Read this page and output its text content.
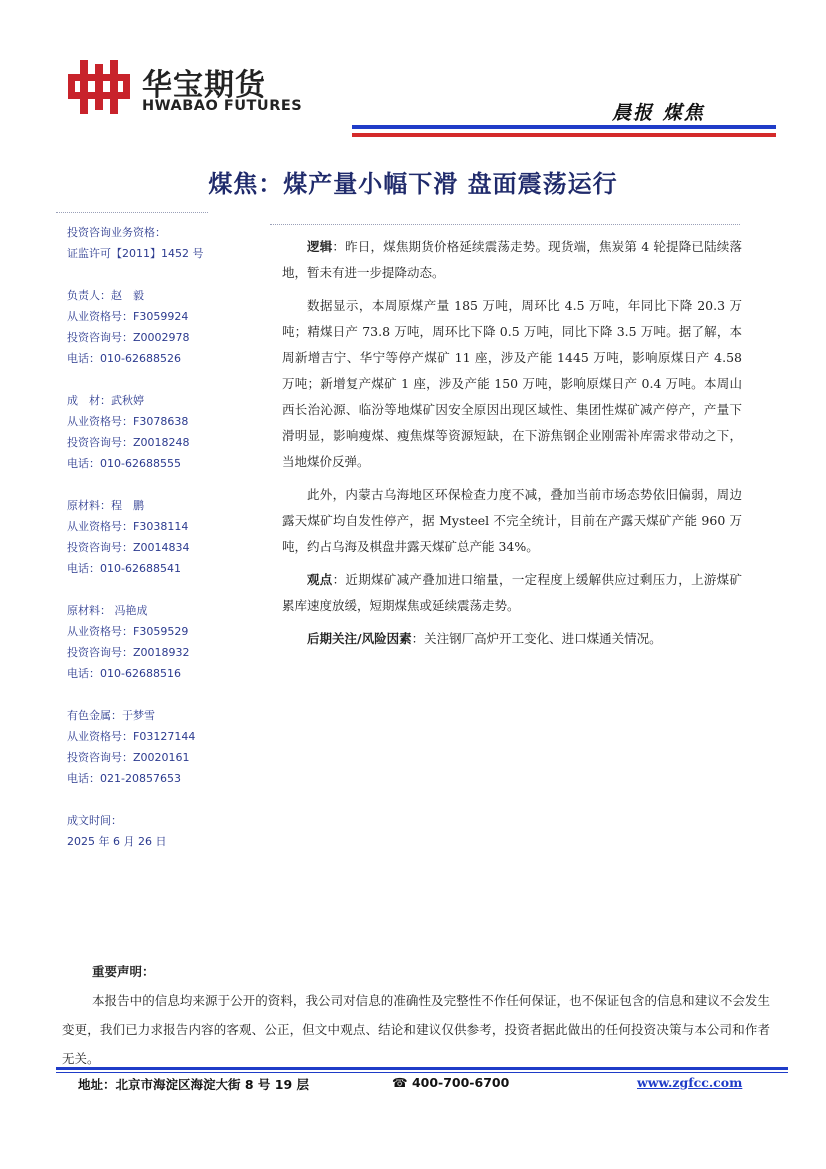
华宝期货
HWABAO FUTURES	晨报 煤焦
煤焦：煤产量小幅下滑 盘面震荡运行
投资咨询业务资格：
证监许可【2011】1452 号
负责人：赵　毅
从业资格号：F3059924
投资咨询号：Z0002978
电话：010-62688526
成　材：武秋婷
从业资格号：F3078638
投资咨询号：Z0018248
电话：010-62688555
原材料：程　鹏
从业资格号：F3038114
投资咨询号：Z0014834
电话：010-62688541
原材料： 冯艳成
从业资格号：F3059529
投资咨询号：Z0018932
电话：010-62688516
有色金属：于梦雪
从业资格号：F03127144
投资咨询号：Z0020161
电话：021-20857653
成文时间：
2025 年 6 月 26 日

逻辑：昨日，煤焦期货价格延续震荡走势。现货端，焦炭第 4 轮提降已陆续落地，暂未有进一步提降动态。

数据显示，本周原煤产量 185 万吨，周环比 4.5 万吨，年同比下降 20.3 万吨；精煤日产 73.8 万吨，周环比下降 0.5 万吨，同比下降 3.5 万吨。据了解，本周新增吉宁、华宁等停产煤矿 11 座，涉及产能 1445 万吨，影响原煤日产 4.58 万吨；新增复产煤矿 1 座，涉及产能 150 万吨，影响原煤日产 0.4 万吨。本周山西长治沁源、临汾等地煤矿因安全原因出现区域性、集团性煤矿减产停产，产量下滑明显，影响瘦煤、瘦焦煤等资源短缺，在下游焦钢企业刚需补库需求带动之下，当地煤价反弹。

此外，内蒙古乌海地区环保检查力度不减，叠加当前市场态势依旧偏弱，周边露天煤矿均自发性停产，据 Mysteel 不完全统计，目前在产露天煤矿产能 960 万吨，约占乌海及棋盘井露天煤矿总产能 34%。

观点：近期煤矿减产叠加进口缩量，一定程度上缓解供应过剩压力，上游煤矿累库速度放缓，短期煤焦或延续震荡走势。

后期关注/风险因素：关注钢厂高炉开工变化、进口煤通关情况。

重要声明：
本报告中的信息均来源于公开的资料，我公司对信息的准确性及完整性不作任何保证，也不保证包含的信息和建议不会发生变更，我们已力求报告内容的客观、公正，但文中观点、结论和建议仅供参考，投资者据此做出的任何投资决策与本公司和作者无关。
地址：北京市海淀区海淀大街 8 号 19 层	☎ 400-700-6700	www.zgfcc.com
